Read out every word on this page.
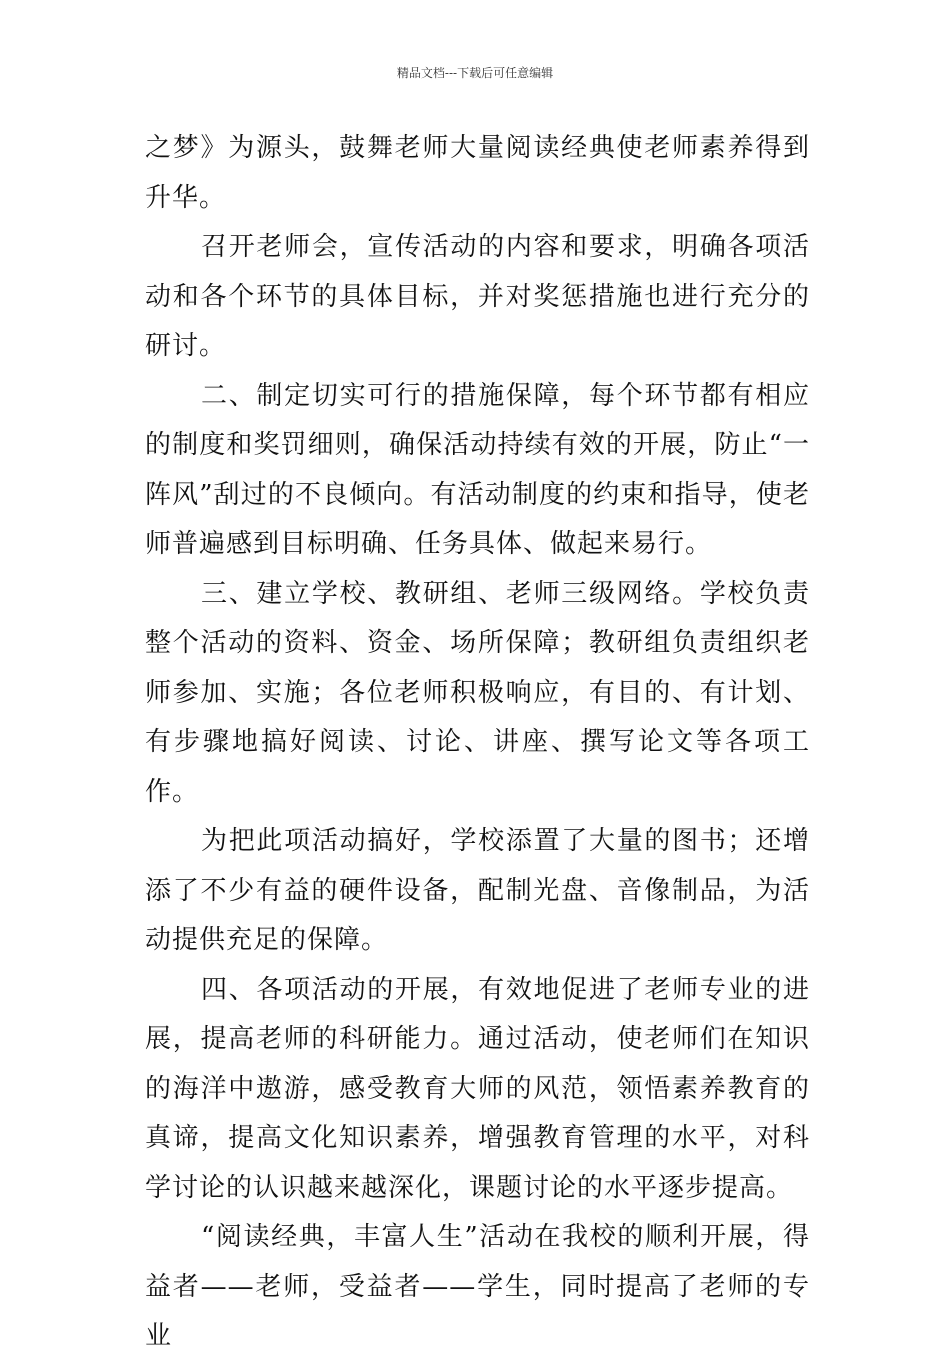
精品文档---下载后可任意编辑

之梦》为源头，鼓舞老师大量阅读经典使老师素养得到升华。

召开老师会，宣传活动的内容和要求，明确各项活动和各个环节的具体目标，并对奖惩措施也进行充分的研讨。

二、制定切实可行的措施保障，每个环节都有相应的制度和奖罚细则，确保活动持续有效的开展，防止“一阵风”刮过的不良倾向。有活动制度的约束和指导，使老师普遍感到目标明确、任务具体、做起来易行。

三、建立学校、教研组、老师三级网络。学校负责整个活动的资料、资金、场所保障；教研组负责组织老师参加、实施；各位老师积极响应，有目的、有计划、有步骤地搞好阅读、讨论、讲座、撰写论文等各项工作。

为把此项活动搞好，学校添置了大量的图书；还增添了不少有益的硬件设备，配制光盘、音像制品，为活动提供充足的保障。

四、各项活动的开展，有效地促进了老师专业的进展，提高老师的科研能力。通过活动，使老师们在知识的海洋中遨游，感受教育大师的风范，领悟素养教育的真谛，提高文化知识素养，增强教育管理的水平，对科学讨论的认识越来越深化，课题讨论的水平逐步提高。

“阅读经典，丰富人生”活动在我校的顺利开展，得益者——老师，受益者——学生，同时提高了老师的专业
